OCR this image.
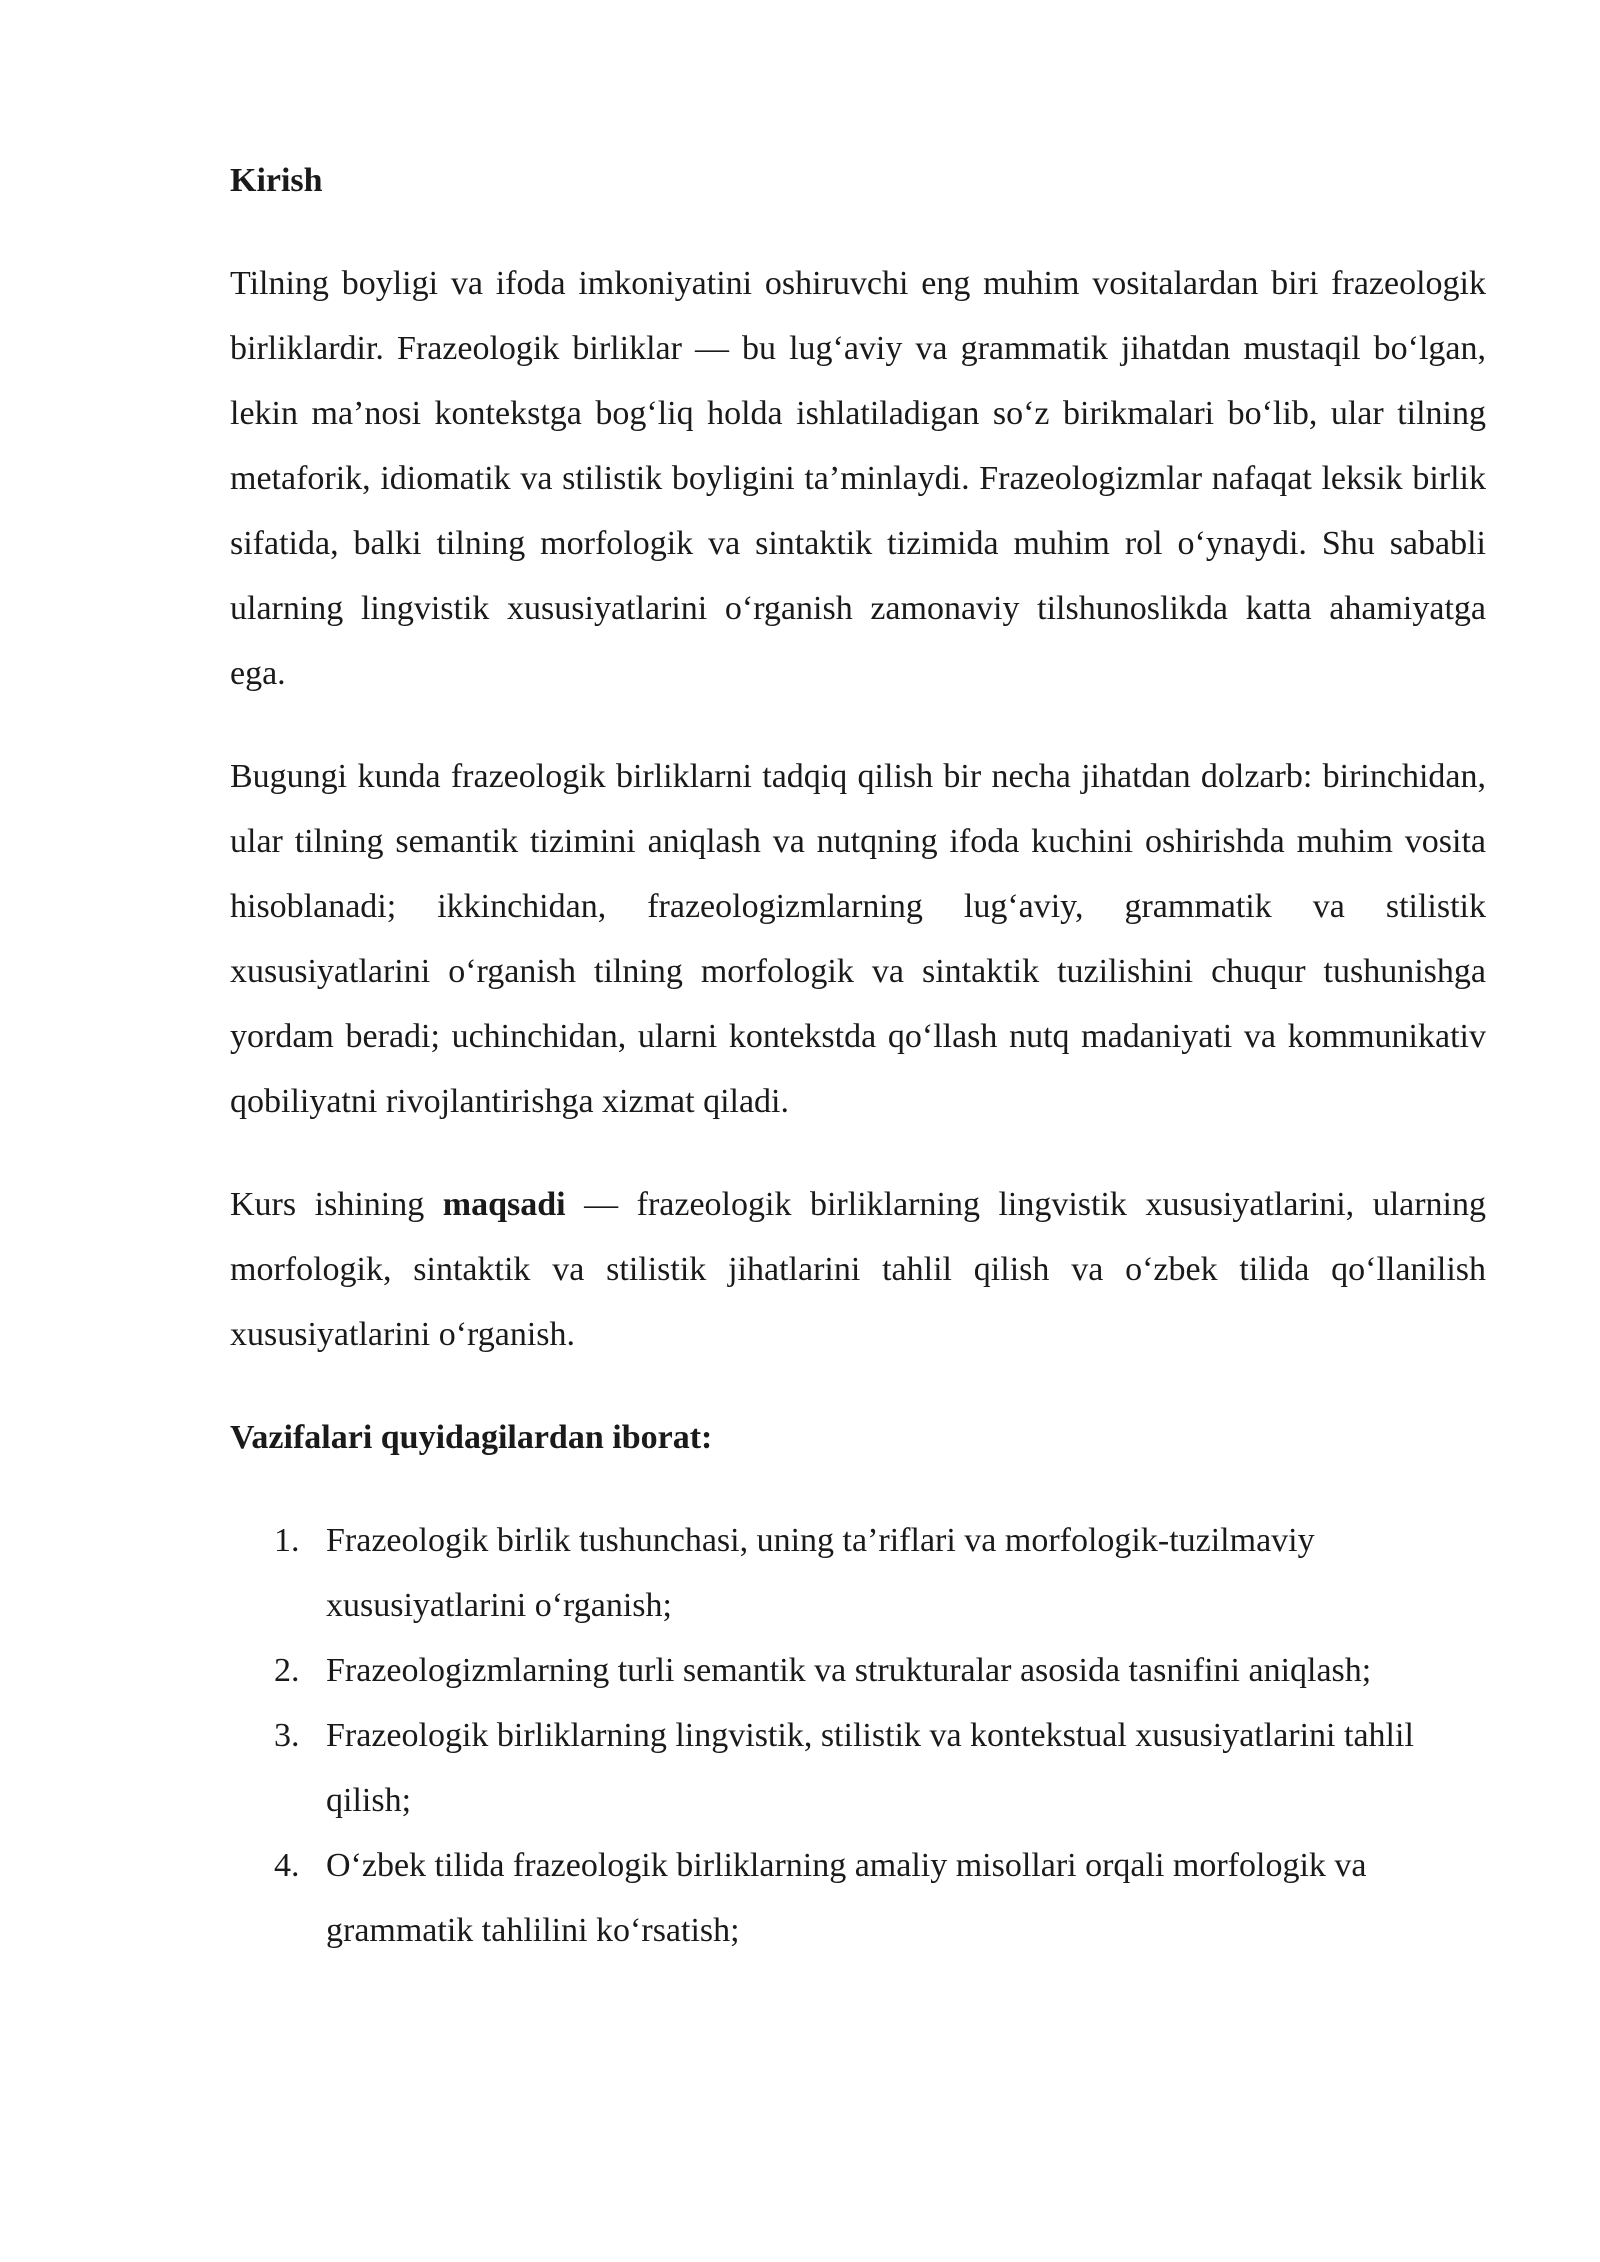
Kirish

Tilning boyligi va ifoda imkoniyatini oshiruvchi eng muhim vositalardan biri frazeologik birliklardir. Frazeologik birliklar — bu lug‘aviy va grammatik jihatdan mustaqil bo‘lgan, lekin ma’nosi kontekstga bog‘liq holda ishlatiladigan so‘z birikmalari bo‘lib, ular tilning metaforik, idiomatik va stilistik boyligini ta’minlaydi. Frazeologizmlar nafaqat leksik birlik sifatida, balki tilning morfologik va sintaktik tizimida muhim rol o‘ynaydi. Shu sababli ularning lingvistik xususiyatlarini o‘rganish zamonaviy tilshunoslikda katta ahamiyatga ega.

Bugungi kunda frazeologik birliklarni tadqiq qilish bir necha jihatdan dolzarb: birinchidan, ular tilning semantik tizimini aniqlash va nutqning ifoda kuchini oshirishda muhim vosita hisoblanadi; ikkinchidan, frazeologizmlarning lug‘aviy, grammatik va stilistik xususiyatlarini o‘rganish tilning morfologik va sintaktik tuzilishini chuqur tushunishga yordam beradi; uchinchidan, ularni kontekstda qo‘llash nutq madaniyati va kommunikativ qobiliyatni rivojlantirishga xizmat qiladi.

Kurs ishining maqsadi — frazeologik birliklarning lingvistik xususiyatlarini, ularning morfologik, sintaktik va stilistik jihatlarini tahlil qilish va o‘zbek tilida qo‘llanilish xususiyatlarini o‘rganish.

Vazifalari quyidagilardan iborat:
1. Frazeologik birlik tushunchasi, uning ta’riflari va morfologik-tuzilmaviy xususiyatlarini o‘rganish;
2. Frazeologizmlarning turli semantik va strukturalar asosida tasnifini aniqlash;
3. Frazeologik birliklarning lingvistik, stilistik va kontekstual xususiyatlarini tahlil qilish;
4. O‘zbek tilida frazeologik birliklarning amaliy misollari orqali morfologik va grammatik tahlilini ko‘rsatish;
